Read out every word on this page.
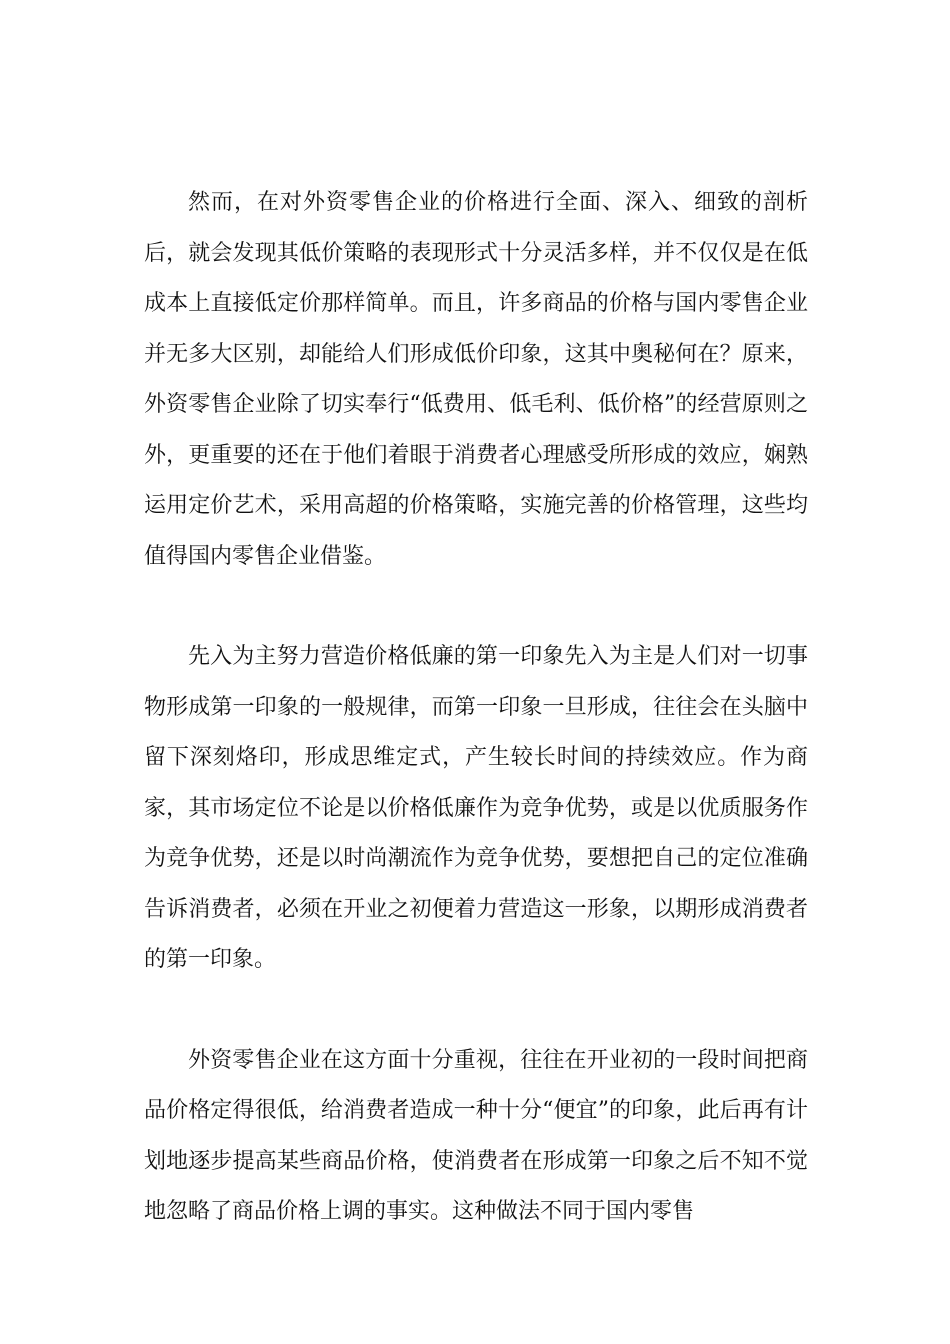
然而，在对外资零售企业的价格进行全面、深入、细致的剖析后，就会发现其低价策略的表现形式十分灵活多样，并不仅仅是在低成本上直接低定价那样简单。而且，许多商品的价格与国内零售企业并无多大区别，却能给人们形成低价印象，这其中奥秘何在？原来，外资零售企业除了切实奉行“低费用、低毛利、低价格”的经营原则之外，更重要的还在于他们着眼于消费者心理感受所形成的效应，娴熟运用定价艺术，采用高超的价格策略，实施完善的价格管理，这些均值得国内零售企业借鉴。

先入为主努力营造价格低廉的第一印象先入为主是人们对一切事物形成第一印象的一般规律，而第一印象一旦形成，往往会在头脑中留下深刻烙印，形成思维定式，产生较长时间的持续效应。作为商家，其市场定位不论是以价格低廉作为竞争优势，或是以优质服务作为竞争优势，还是以时尚潮流作为竞争优势，要想把自己的定位准确告诉消费者，必须在开业之初便着力营造这一形象，以期形成消费者的第一印象。

外资零售企业在这方面十分重视，往往在开业初的一段时间把商品价格定得很低，给消费者造成一种十分“便宜”的印象，此后再有计划地逐步提高某些商品价格，使消费者在形成第一印象之后不知不觉地忽略了商品价格上调的事实。这种做法不同于国内零售
